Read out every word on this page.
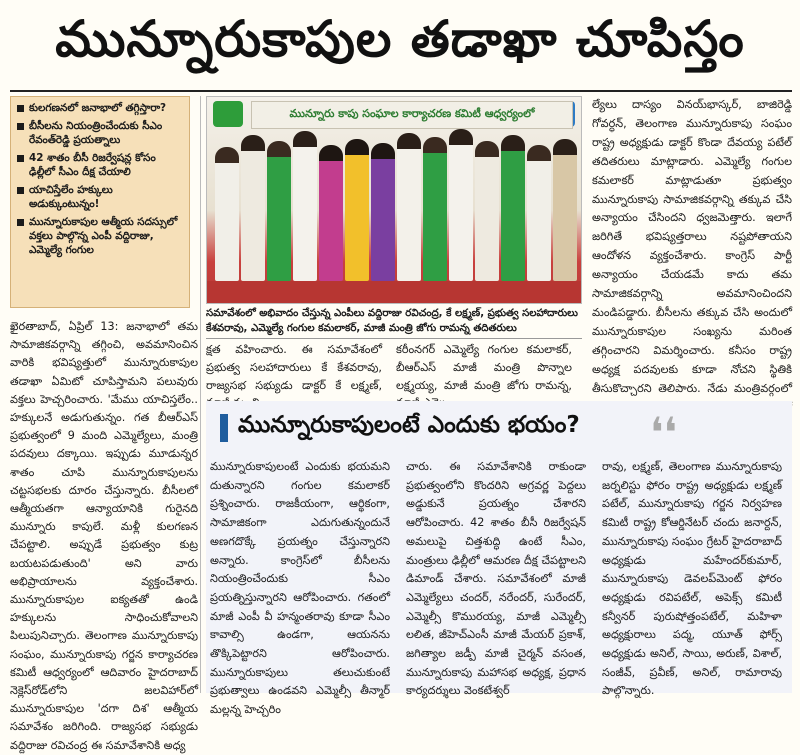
మున్నూరుకాపుల తడాఖా చూపిస్తం
కులగణనలో జనాభాలో తగ్గిస్తారా?
బీసీలను నియంత్రించేందుకు సీఎం రేవంత్‌రెడ్డి ప్రయత్నాలు
42 శాతం బీసీ రిజర్వేషన్ల కోసం ఢిల్లీలో సీఎం దీక్ష చేయాలి
యాచిస్తేలేం హక్కులు అడుక్కుంటున్నం!
మున్నూరుకాపుల ఆత్మీయ సదస్సులో వక్తలు పాల్గొన్న ఎంపీ వద్దిరాజు, ఎమ్మెల్యే గంగుల
మున్నూరు కాపు సంఘాల కార్యాచరణ కమిటీ ఆధ్వర్యంలో
సమావేశంలో అభివాదం చేస్తున్న ఎంపీలు వద్దిరాజు రవిచంద్ర, కే లక్ష్మణ్, ప్రభుత్వ సలహాదారులు కేశవరావు, ఎమ్మెల్యే గంగుల కమలాకర్, మాజీ మంత్రి జోగు రామన్న తదితరులు
ల్యేలు దాస్యం వినయ్‌భాస్కర్, బాజిరెడ్డి గోవర్ధన్, తెలంగాణ మున్నూరుకాపు సంఘం రాష్ట్ర అధ్యక్షుడు డాక్టర్ కొండా దేవయ్య పటేల్ తదితరులు మాట్లాడారు. ఎమ్మెల్యే గంగుల కమలాకర్ మాట్లాడుతూ ప్రభుత్వం మున్నూరుకాపు సామాజికవర్గాన్ని తక్కువ చేసి అన్యాయం చేసిందని ధ్వజమెత్తారు. ఇలాగే జరిగితే భవిష్యత్తరాలు నష్టపోతాయని ఆందోళన వ్యక్తంచేశారు. కాంగ్రెస్ పార్టీ అన్యాయం చేయడమే కాదు తమ సామాజికవర్గాన్ని అవమానించిందని మండిపడ్డారు. బీసీలను తక్కువ చేసి అందులో మున్నూరుకాపుల సంఖ్యను మరింత తగ్గించారని విమర్శించారు. కనీసం రాష్ట్ర అధ్యక్ష పదవులకు కూడా నోచని స్థితికి తీసుకొచ్చారని తెలిపారు. నేడు మంత్రివర్గంలో
ఖైరతాబాద్, ఏప్రిల్ 13: జనాభాలో తమ సామాజికవర్గాన్ని తగ్గించి, అవమానించిన వారికి భవిష్యత్తులో మున్నూరుకాపుల తడాఖా ఏమిటో చూపిస్తామని పలువురు వక్తలు హెచ్చరించారు. 'మేము యాచిస్తలేం.. హక్కులనే అడుగుతున్నం. గత బీఆర్ఎస్ ప్రభుత్వంలో 9 మంది ఎమ్మెల్యేలు, మంత్రి పదవులు దక్కాయి. ఇప్పుడు మూడున్నర శాతం చూపి మున్నూరుకాపులను చట్టసభలకు దూరం చేస్తున్నారు. బీసీలలో ఆత్మీయతగా ఆన్యాయానికి గురైనది మున్నూరు కాపులే. మళ్లీ కులగణన చేపట్టాలి. అప్పుడే ప్రభుత్వం కుట్ర బయటపడుతుంది' అని వారు అభిప్రాయాలను వ్యక్తంచేశారు. మున్నూరుకాపుల ఐక్యతతో ఉండి హక్కులను సాధించుకోవాలని పిలుపునిచ్చారు. తెలంగాణ మున్నూరుకాపు సంఘం, మున్నూరుకాపు గర్జన కార్యాచరణ కమిటీ ఆధ్వర్యంలో ఆదివారం హైదరాబాద్ నెక్లెస్‌రోడ్‌లోని జలవిహార్‌లో మున్నూరుకాపుల 'దగా దిశ' ఆత్మీయ సమావేశం జరిగింది. రాజ్యసభ సభ్యుడు వద్దిరాజు రవిచంద్ర ఈ సమావేశానికి అధ్య
క్షత వహించారు. ఈ సమావేశంలో ప్రభుత్వ సలహాదారులు కే కేశవరావు, రాజ్యసభ సభ్యుడు డాక్టర్ కే లక్ష్మణ్,
కరీంనగర్ ఎమ్మెల్యే గంగుల కమలాకర్, బీఆర్ఎస్ మాజీ మంత్రి పొన్నాల లక్ష్మయ్య, మాజీ మంత్రి జోగు రామన్న,
మున్నూరుకాపులంటే ఎందుకు భయం? ❛❛
మున్నూరుకాపులంటే ఎందుకు భయమని దుతున్నారని గంగుల కమలాకర్ ప్రశ్నించారు. రాజకీయంగా, ఆర్థికంగా, సామాజికంగా ఎదుగుతున్నందునే అణగదొక్కే ప్రయత్నం చేస్తున్నారని అన్నారు. కాంగ్రెస్‌లో బీసీలను నియంత్రించేందుకు సీఎం ప్రయత్నిస్తున్నారని ఆరోపించారు. గతంలో మాజీ ఎంపీ వీ హన్మంతరావు కూడా సీఎం కావాల్సి ఉండగా, ఆయనను తొక్కిపెట్టారని ఆరోపించారు. మున్నూరుకాపులు తలుచుకుంటే ప్రభుత్వాలు ఉండవని ఎమ్మెల్సీ తీన్మార్ మల్లన్న హెచ్చరిం
చారు. ఈ సమావేశానికి రాకుండా ప్రభుత్వంలోని కొందరిని అగ్రవర్ణ పెద్దలు అడ్డుకునే ప్రయత్నం చేశారని ఆరోపించారు. 42 శాతం బీసీ రిజర్వేషన్ అమలుపై చిత్తశుద్ధి ఉంటే సీఎం, మంత్రులు ఢిల్లీలో ఆమరణ దీక్ష చేపట్టాలని డిమాండ్ చేశారు. సమావేశంలో మాజీ ఎమ్మెల్యేలు చందర్, నరేందర్, సురేందర్, ఎమ్మెల్సీ కొమురయ్య, మాజీ ఎమ్మెల్సీ లలిత, జీహెచ్ఎంసీ మాజీ మేయర్ ప్రకాశ్, జగిత్యాల జడ్పీ మాజీ చైర్మన్ వసంత, మున్నూరుకాపు మహాసభ అధ్యక్ష, ప్రధాన కార్యదర్శులు వెంకటేశ్వర్
రావు, లక్ష్మణ్, తెలంగాణ మున్నూరుకాపు జర్నలిస్టు ఫోరం రాష్ట్ర అధ్యక్షుడు లక్ష్మణ్ పటేల్, మున్నూరుకాపు గర్జన నిర్వహణ కమిటీ రాష్ట్ర కోఆర్డినేటర్ చందు జనార్దన్, మున్నూరుకాపు సంఘం గ్రేటర్ హైదరాబాద్ అధ్యక్షుడు మహేందర్‌కుమార్, మున్నూరుకాపు డెవలప్‌మెంట్ ఫోరం అధ్యక్షుడు రవిపటేల్, అపెక్స్ కమిటీ కన్వీనర్ పురుషోత్తంపటేల్, మహిళా అధ్యక్షురాలు పద్మ, యూత్ ఫోర్స్ అధ్యక్షుడు అనిల్, సాయి, అరుణ్, విశాల్, సంజీవ్, ప్రవీణ్, అనిల్, రామారావు పాల్గొన్నారు.
